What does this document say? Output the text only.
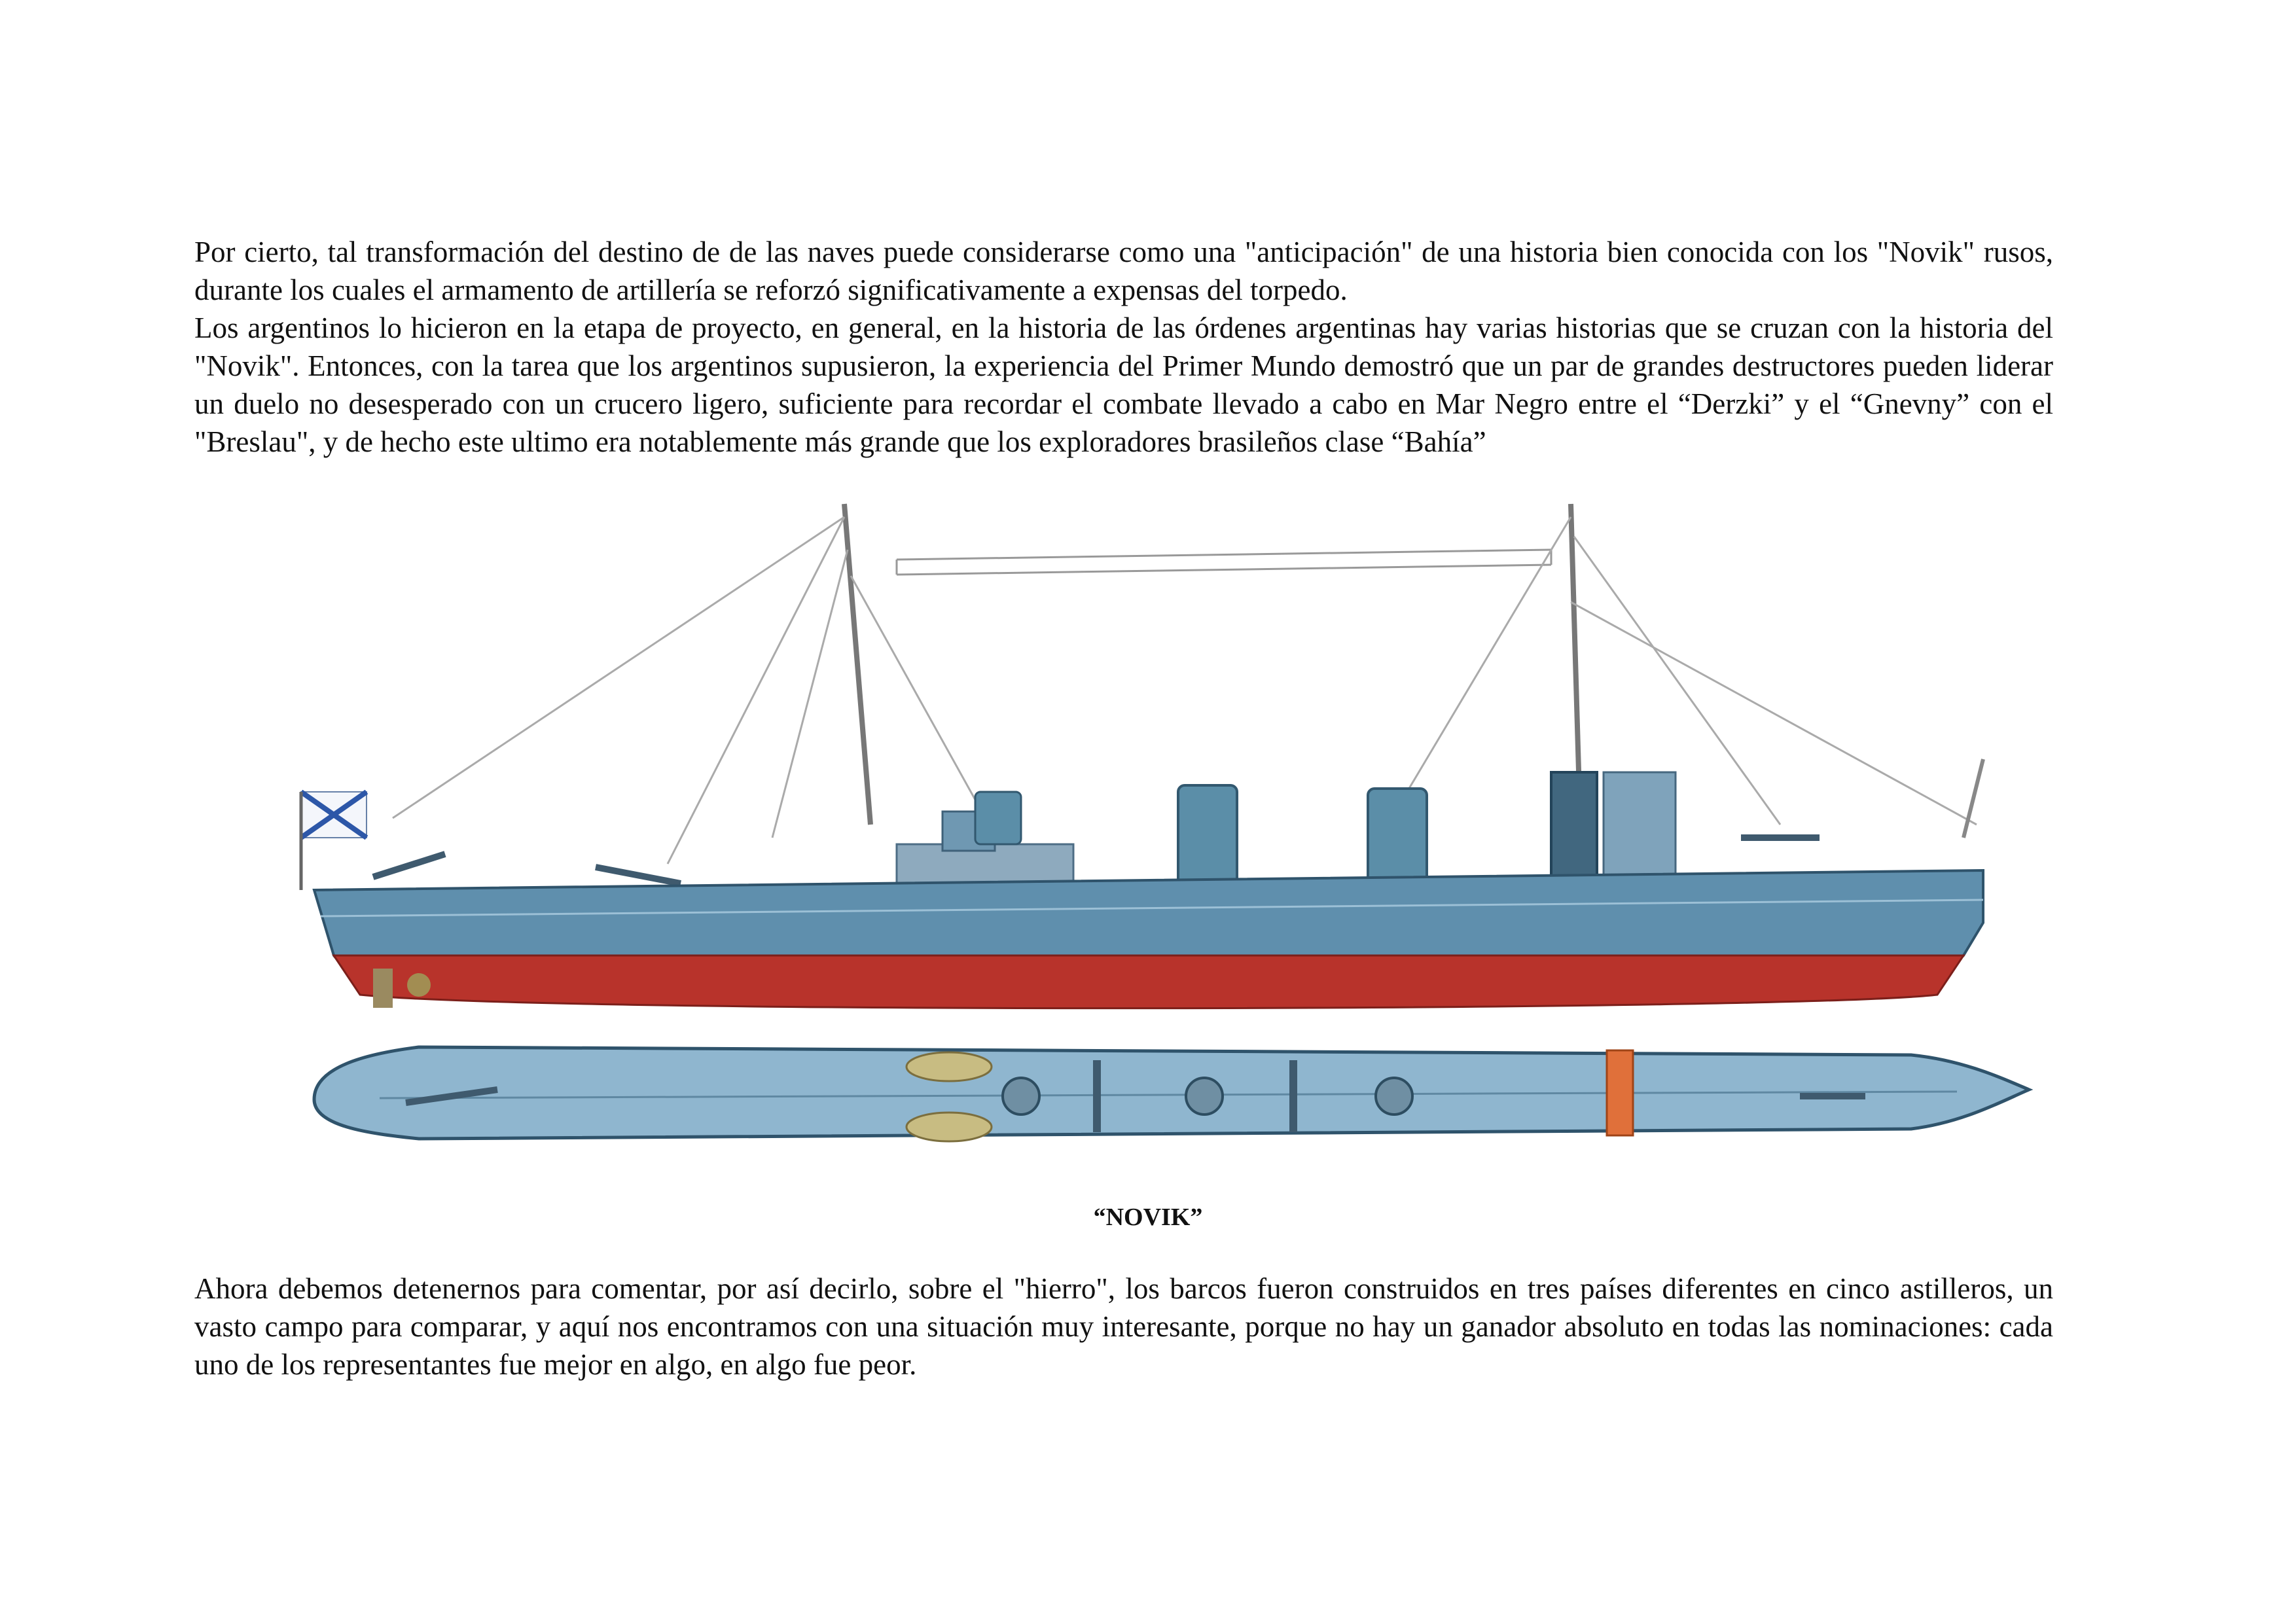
Por cierto, tal transformación del destino de de las naves puede considerarse como una "anticipación" de una historia bien conocida con los "Novik" rusos, durante los cuales el armamento de artillería se reforzó significativamente a expensas del torpedo.

Los argentinos lo hicieron en la etapa de proyecto, en general, en la historia de las órdenes argentinas hay varias historias que se cruzan con la historia del "Novik". Entonces, con la tarea que los argentinos supusieron, la experiencia del Primer Mundo demostró que un par de grandes destructores pueden liderar un duelo no desesperado con un crucero ligero, suficiente para recordar el combate llevado a cabo en Mar Negro entre el “Derzki” y el “Gnevny” con el "Breslau", y de hecho este ultimo era notablemente más grande que los exploradores brasileños clase “Bahía”

“NOVIK”

Ahora debemos detenernos para comentar, por así decirlo, sobre el "hierro", los barcos fueron construidos en tres países diferentes en cinco astilleros, un vasto campo para comparar, y aquí nos encontramos con una situación muy interesante, porque no hay un ganador absoluto en todas las nominaciones: cada uno de los representantes fue mejor en algo, en algo fue peor.
